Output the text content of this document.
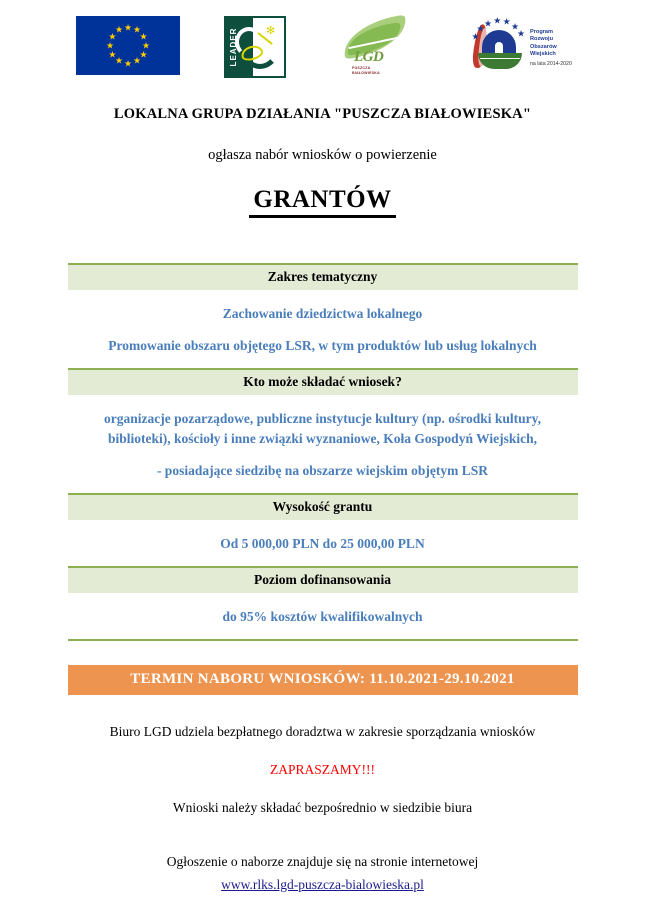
★ ★
★
★
★
★
★
★
★
★
★
★	LEADER	✻
LGD
PUSZCZA
BIAŁOWIESKA
★
★
★ ★ ★ ★
★ Program
Rozwoju
Obszarów
Wiejskich
na lata 2014-2020
LOKALNA GRUPA DZIAŁANIA "PUSZCZA BIAŁOWIESKA"
ogłasza nabór wniosków o powierzenie
GRANTÓW
Zakres tematyczny

Zachowanie dziedzictwa lokalnego

Promowanie obszaru objętego LSR, w tym produktów lub usług lokalnych

Kto może składać wniosek?

organizacje pozarządowe, publiczne instytucje kultury (np. ośrodki kultury, biblioteki), kościoły i inne związki wyznaniowe, Koła Gospodyń Wiejskich,

- posiadające siedzibę na obszarze wiejskim objętym LSR

Wysokość grantu

Od 5 000,00 PLN do 25 000,00 PLN

Poziom dofinansowania

do 95% kosztów kwalifikowalnych

TERMIN NABORU WNIOSKÓW: 11.10.2021-29.10.2021
Biuro LGD udziela bezpłatnego doradztwa w zakresie sporządzania wniosków
ZAPRASZAMY!!!
Wnioski należy składać bezpośrednio w siedzibie biura
Ogłoszenie o naborze znajduje się na stronie internetowej
www.rlks.lgd-puszcza-bialowieska.pl
